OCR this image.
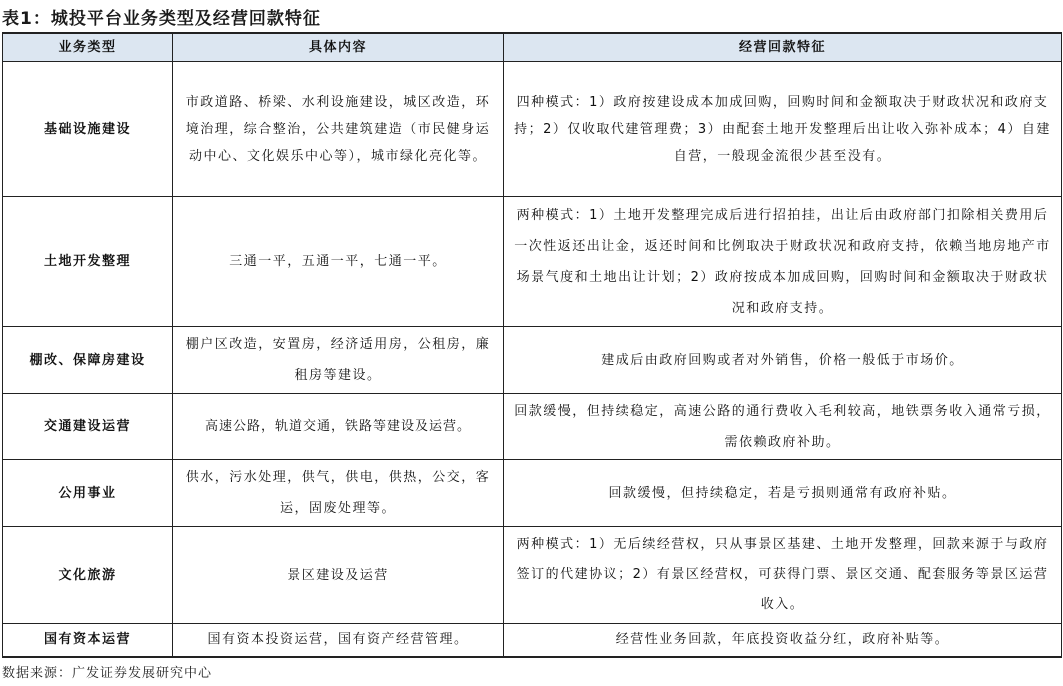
表1：城投平台业务类型及经营回款特征
业务类型	具体内容	经营回款特征
基础设施建设	市政道路、桥梁、水利设施建设，城区改造，环境治理，综合整治，公共建筑建造（市民健身运动中心、文化娱乐中心等），城市绿化亮化等。	四种模式：1）政府按建设成本加成回购，回购时间和金额取决于财政状况和政府支持；2）仅收取代建管理费；3）由配套土地开发整理后出让收入弥补成本；4）自建自营，一般现金流很少甚至没有。
土地开发整理	三通一平，五通一平，七通一平。	两种模式：1）土地开发整理完成后进行招拍挂，出让后由政府部门扣除相关费用后一次性返还出让金，返还时间和比例取决于财政状况和政府支持，依赖当地房地产市场景气度和土地出让计划；2）政府按成本加成回购，回购时间和金额取决于财政状况和政府支持。
棚改、保障房建设	棚户区改造，安置房，经济适用房，公租房，廉租房等建设。	建成后由政府回购或者对外销售，价格一般低于市场价。
交通建设运营	高速公路，轨道交通，铁路等建设及运营。	回款缓慢，但持续稳定，高速公路的通行费收入毛利较高，地铁票务收入通常亏损，需依赖政府补助。
公用事业	供水，污水处理，供气，供电，供热，公交，客运，固废处理等。	回款缓慢，但持续稳定，若是亏损则通常有政府补贴。
文化旅游	景区建设及运营	两种模式：1）无后续经营权，只从事景区基建、土地开发整理，回款来源于与政府签订的代建协议；2）有景区经营权，可获得门票、景区交通、配套服务等景区运营收入。
国有资本运营	国有资本投资运营，国有资产经营管理。	经营性业务回款，年底投资收益分红，政府补贴等。
数据来源：广发证券发展研究中心
